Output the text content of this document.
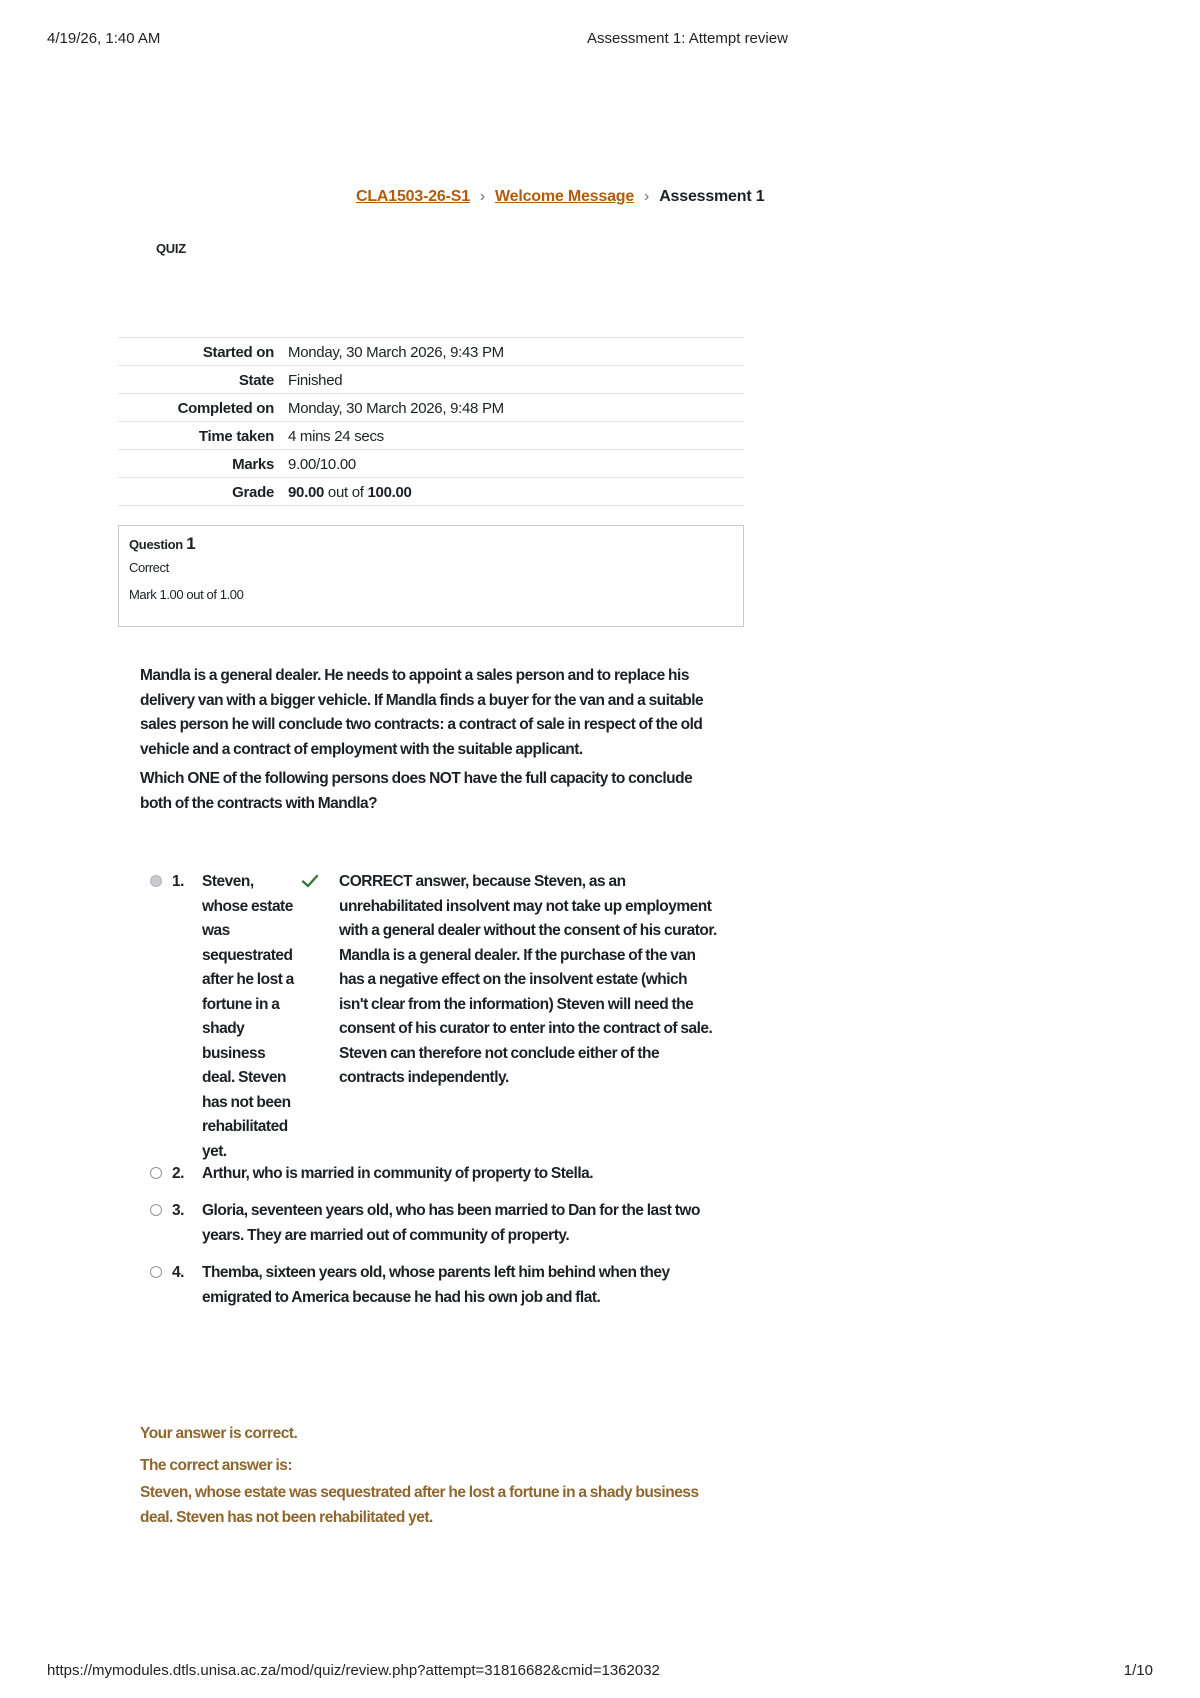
4/19/26, 1:40 AM	Assessment 1: Attempt review
CLA1503-26-S1 › Welcome Message › Assessment 1
QUIZ
Started on	Monday, 30 March 2026, 9:43 PM
State	Finished
Completed on	Monday, 30 March 2026, 9:48 PM
Time taken	4 mins 24 secs
Marks	9.00/10.00
Grade	90.00 out of 100.00
Question 1
Correct
Mark 1.00 out of 1.00

Mandla is a general dealer. He needs to appoint a sales person and to replace his delivery van with a bigger vehicle. If Mandla finds a buyer for the van and a suitable sales person he will conclude two contracts: a contract of sale in respect of the old vehicle and a contract of employment with the suitable applicant.

Which ONE of the following persons does NOT have the full capacity to conclude both of the contracts with Mandla?

1. Steven, whose estate was sequestrated after he lost a fortune in a shady business deal. Steven has not been rehabilitated yet.
CORRECT answer, because Steven, as an unrehabilitated insolvent may not take up employment with a general dealer without the consent of his curator. Mandla is a general dealer. If the purchase of the van has a negative effect on the insolvent estate (which isn't clear from the information) Steven will need the consent of his curator to enter into the contract of sale. Steven can therefore not conclude either of the contracts independently.
2. Arthur, who is married in community of property to Stella.
3. Gloria, seventeen years old, who has been married to Dan for the last two years. They are married out of community of property.
4. Themba, sixteen years old, whose parents left him behind when they emigrated to America because he had his own job and flat.
Your answer is correct.
The correct answer is:
Steven, whose estate was sequestrated after he lost a fortune in a shady business deal. Steven has not been rehabilitated yet.
https://mymodules.dtls.unisa.ac.za/mod/quiz/review.php?attempt=31816682&cmid=1362032	1/10
